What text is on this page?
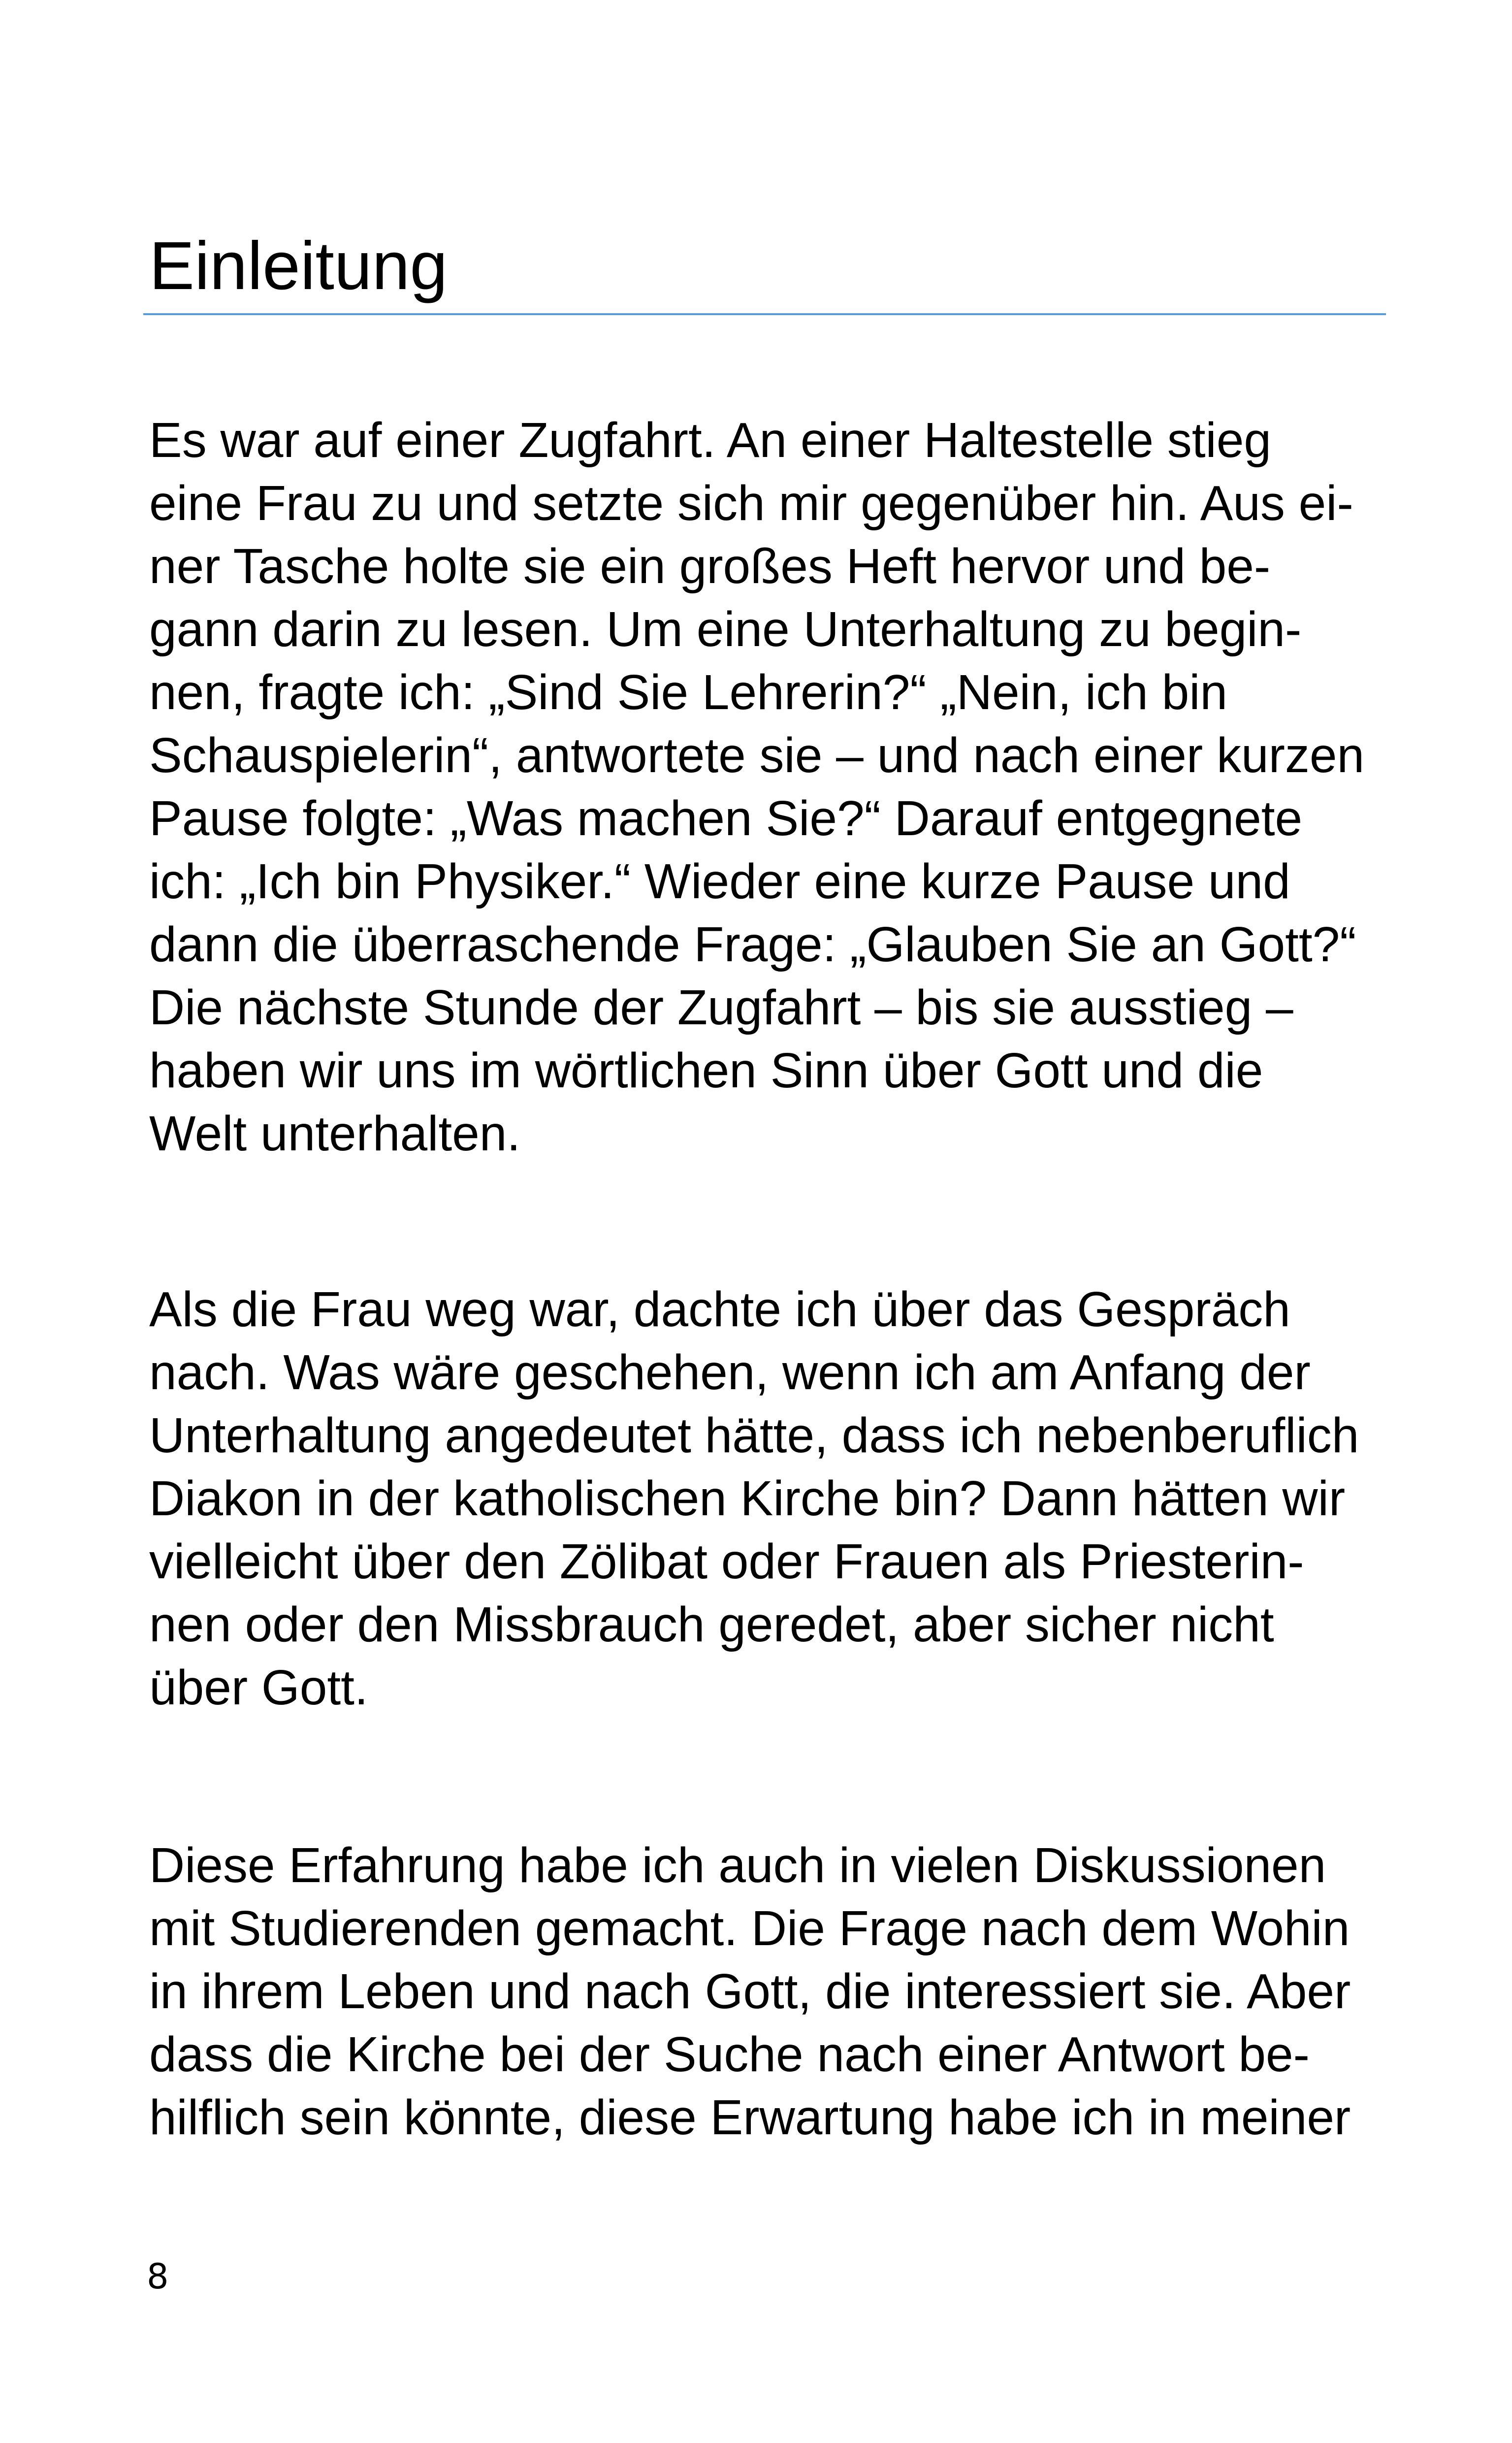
Einleitung

Es war auf einer Zugfahrt. An einer Haltestelle stieg
eine Frau zu und setzte sich mir gegenüber hin. Aus ei-
ner Tasche holte sie ein großes Heft hervor und be-
gann darin zu lesen. Um eine Unterhaltung zu begin-
nen, fragte ich: „Sind Sie Lehrerin?“ „Nein, ich bin
Schauspielerin“, antwortete sie – und nach einer kurzen
Pause folgte: „Was machen Sie?“ Darauf entgegnete
ich: „Ich bin Physiker.“ Wieder eine kurze Pause und
dann die überraschende Frage: „Glauben Sie an Gott?“
Die nächste Stunde der Zugfahrt – bis sie ausstieg –
haben wir uns im wörtlichen Sinn über Gott und die
Welt unterhalten.

Als die Frau weg war, dachte ich über das Gespräch
nach. Was wäre geschehen, wenn ich am Anfang der
Unterhaltung angedeutet hätte, dass ich nebenberuflich
Diakon in der katholischen Kirche bin? Dann hätten wir
vielleicht über den Zölibat oder Frauen als Priesterin-
nen oder den Missbrauch geredet, aber sicher nicht
über Gott.

Diese Erfahrung habe ich auch in vielen Diskussionen
mit Studierenden gemacht. Die Frage nach dem Wohin
in ihrem Leben und nach Gott, die interessiert sie. Aber
dass die Kirche bei der Suche nach einer Antwort be-
hilflich sein könnte, diese Erwartung habe ich in meiner

8
